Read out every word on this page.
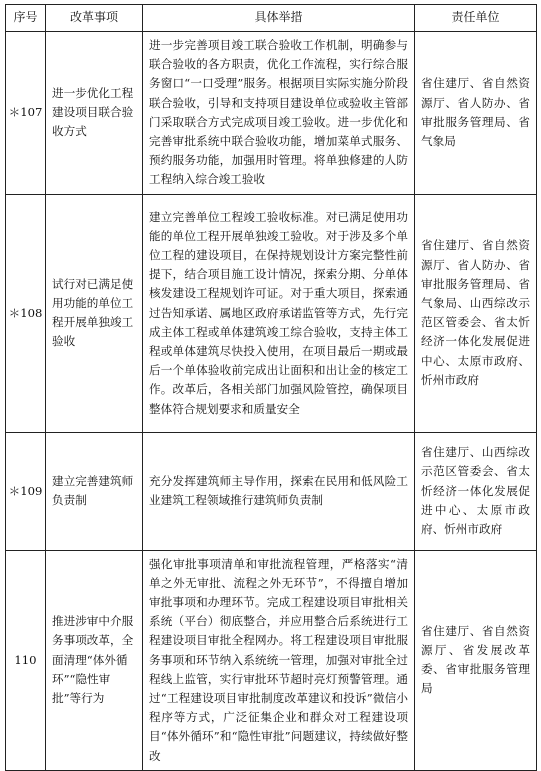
序号	改革事项	具体举措	责任单位
＊107	进一步优化工程建设项目联合验收方式	进一步完善项目竣工联合验收工作机制，明确参与联合验收的各方职责，优化工作流程，实行综合服务窗口“一口受理”服务。根据项目实际实施分阶段联合验收，引导和支持项目建设单位或验收主管部门采取联合方式完成项目竣工验收。进一步优化和完善审批系统中联合验收功能，增加菜单式服务、预约服务功能，加强用时管理。将单独修建的人防工程纳入综合竣工验收	省住建厅、省自然资源厅、省人防办、省审批服务管理局、省气象局
＊108	试行对已满足使用功能的单位工程开展单独竣工验收	建立完善单位工程竣工验收标准。对已满足使用功能的单位工程开展单独竣工验收。对于涉及多个单位工程的建设项目，在保持规划设计方案完整性前提下，结合项目施工设计情况，探索分期、分单体核发建设工程规划许可证。对于重大项目，探索通过告知承诺、属地区政府承诺监管等方式，先行完成主体工程或单体建筑竣工综合验收，支持主体工程或单体建筑尽快投入使用，在项目最后一期或最后一个单体验收前完成出让面积和出让金的核定工作。改革后，各相关部门加强风险管控，确保项目整体符合规划要求和质量安全	省住建厅、省自然资源厅、省人防办、省审批服务管理局、省气象局、山西综改示范区管委会、省太忻经济一体化发展促进中心、太原市政府、忻州市政府
＊109	建立完善建筑师负责制	充分发挥建筑师主导作用，探索在民用和低风险工业建筑工程领域推行建筑师负责制	省住建厅、山西综改示范区管委会、省太忻经济一体化发展促进中心、太原市政府、忻州市政府
110	推进涉审中介服务事项改革，全面清理“体外循环”“隐性审批”等行为	强化审批事项清单和审批流程管理，严格落实“清单之外无审批、流程之外无环节”，不得擅自增加审批事项和办理环节。完成工程建设项目审批相关系统（平台）彻底整合，并应用整合后系统进行工程建设项目审批全程网办。将工程建设项目审批服务事项和环节纳入系统统一管理，加强对审批全过程线上监管，实行审批环节超时亮灯预警管理。通过“工程建设项目审批制度改革建议和投诉”微信小程序等方式，广泛征集企业和群众对工程建设项目“体外循环”和“隐性审批”问题建议，持续做好整改	省住建厅、省自然资源厅、省发展改革委、省审批服务管理局
